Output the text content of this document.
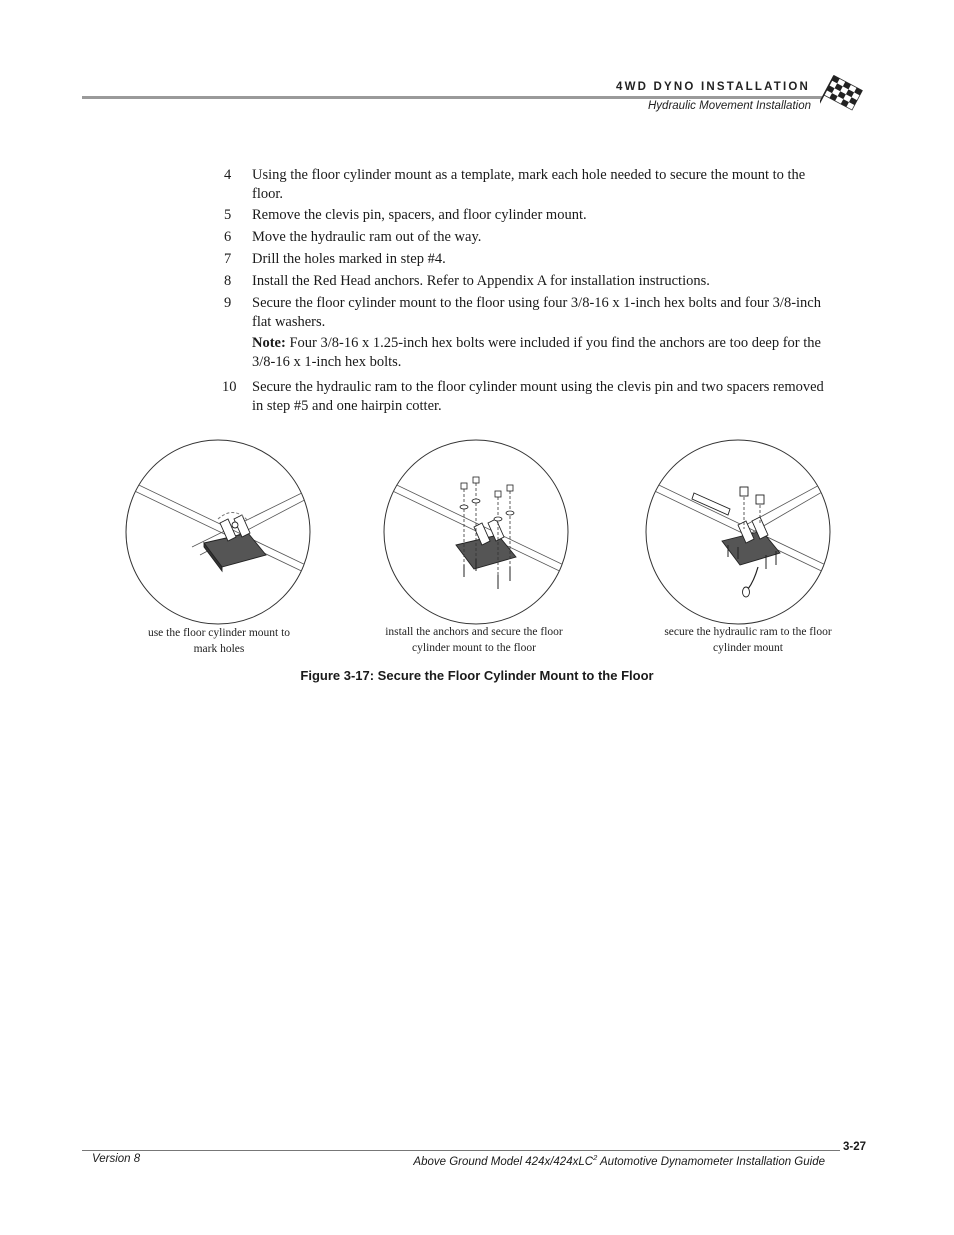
4WD DYNO INSTALLATION
Hydraulic Movement Installation
4 Using the floor cylinder mount as a template, mark each hole needed to secure the mount to the floor.
5 Remove the clevis pin, spacers, and floor cylinder mount.
6 Move the hydraulic ram out of the way.
7 Drill the holes marked in step #4.
8 Install the Red Head anchors. Refer to Appendix A for installation instructions.
9 Secure the floor cylinder mount to the floor using four 3/8-16 x 1-inch hex bolts and four 3/8-inch flat washers.
Note: Four 3/8-16 x 1.25-inch hex bolts were included if you find the anchors are too deep for the 3/8-16 x 1-inch hex bolts.
10 Secure the hydraulic ram to the floor cylinder mount using the clevis pin and two spacers removed in step #5 and one hairpin cotter.
use the floor cylinder mount to mark holes
install the anchors and secure the floor cylinder mount to the floor
secure the hydraulic ram to the floor cylinder mount
Figure 3-17: Secure the Floor Cylinder Mount to the Floor
3-27
Version 8	Above Ground Model 424x/424xLC$^2$ Automotive Dynamometer Installation Guide
